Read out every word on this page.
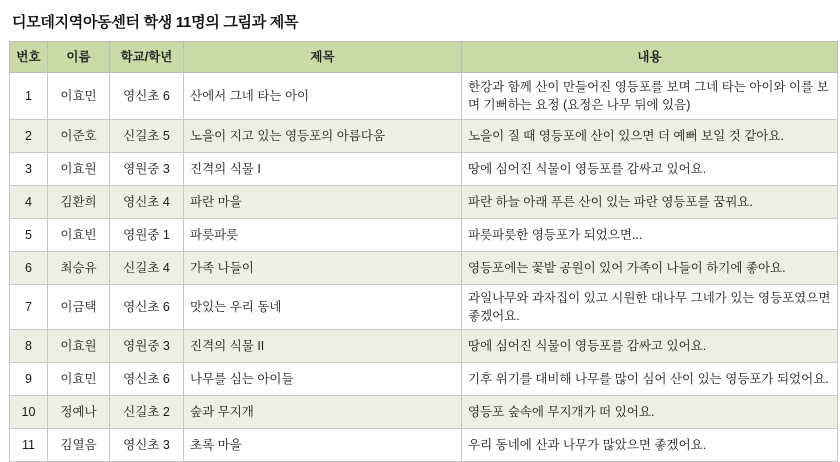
디모데지역아동센터 학생 11명의 그림과 제목
번호	이름	학교/학년	제목	내용
1	이효민	영신초 6	산에서 그네 타는 아이	한강과 함께 산이 만들어진 영등포를 보며 그네 타는 아이와 이를 보며 기뻐하는 요정 (요정은 나무 뒤에 있음)
2	이준호	신길초 5	노을이 지고 있는 영등포의 아름다움	노을이 질 때 영등포에 산이 있으면 더 예뻐 보일 것 같아요.
3	이효원	영원중 3	진격의 식물 I	땅에 심어진 식물이 영등포를 감싸고 있어요.
4	김환희	영신초 4	파란 마을	파란 하늘 아래 푸른 산이 있는 파란 영등포를 꿈꿔요.
5	이효빈	영원중 1	파릇파릇	파릇파릇한 영등포가 되었으면...
6	최승유	신길초 4	가족 나들이	영등포에는 꽃밭 공원이 있어 가족이 나들이 하기에 좋아요.
7	이금택	영신초 6	맛있는 우리 동네	과일나무와 과자집이 있고 시원한 대나무 그네가 있는 영등포였으면 좋겠어요.
8	이효원	영원중 3	진격의 식물 II	땅에 심어진 식물이 영등포를 감싸고 있어요.
9	이효민	영신초 6	나무를 심는 아이들	기후 위기를 대비해 나무를 많이 심어 산이 있는 영등포가 되었어요.
10	정예나	신길초 2	숲과 무지개	영등포 숲속에 무지개가 떠 있어요.
11	김열음	영신초 3	초록 마을	우리 동네에 산과 나무가 많았으면 좋겠어요.
